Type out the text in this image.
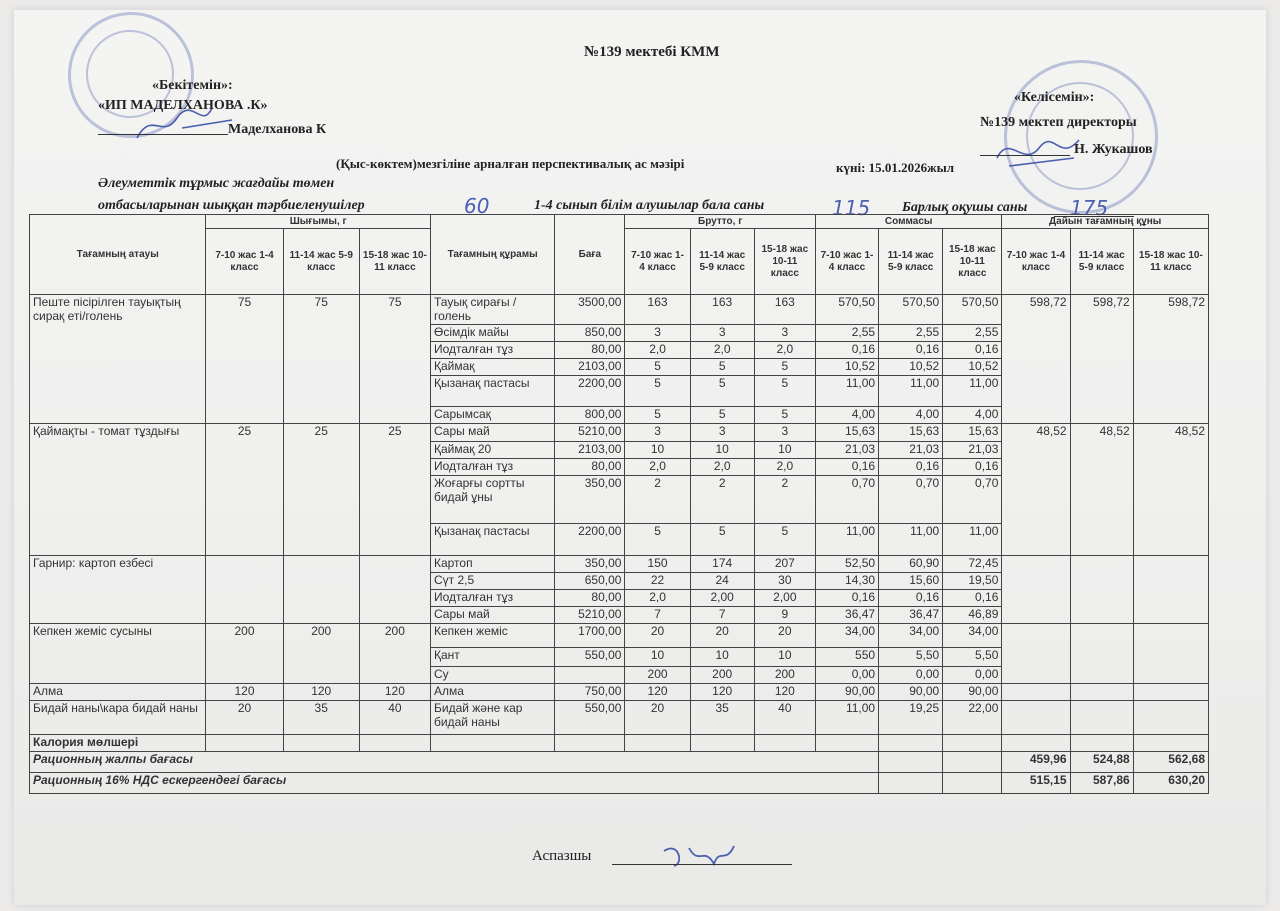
№139 мектебі КММ
«Бекітемін»:
«ИП МАДЕЛХАНОВА .К»
Маделханова К
«Келісемін»:
№139 мектеп директоры
Н. Жукашов
(Қыс-көктем)мезгіліне арналған перспективалық ас мәзірі	күні: 15.01.2026жыл
Әлеуметтік тұрмыс жағдайы төмен
отбасыларынан шыққан тәрбиеленушілер	60	1-4 сынып білім алушылар бала саны	115 Барлық оқушы саны 175
Тағамның атауы	Шығымы, г			Тағамның құрамы	Баға	Брутто, г			Соммасы			Дайын тағамның құны		
	7-10 жас 1-4 класс	11-14 жас 5-9 класс	15-18 жас 10-11 класс			7-10 жас 1-4 класс	11-14 жас 5-9 класс	15-18 жас 10-11 класс	7-10 жас 1-4 класс	11-14 жас 5-9 класс	15-18 жас 10-11 класс	7-10 жас 1-4 класс	11-14 жас 5-9 класс	15-18 жас 10-11 класс
Пеште пісірілген тауықтың сирақ еті/голень	75	75	75	Тауық сирағы / голень	3500,00	163	163	163	570,50	570,50	570,50	598,72	598,72	598,72
				Өсімдік майы	850,00	3	3	3	2,55	2,55	2,55			
				Иодталған тұз	80,00	2,0	2,0	2,0	0,16	0,16	0,16			
				Қаймақ	2103,00	5	5	5	10,52	10,52	10,52			
				Қызанақ пастасы	2200,00	5	5	5	11,00	11,00	11,00			
				Сарымсақ	800,00	5	5	5	4,00	4,00	4,00			
Қаймақты - томат тұздығы	25	25	25	Сары май	5210,00	3	3	3	15,63	15,63	15,63	48,52	48,52	48,52
				Қаймақ 20	2103,00	10	10	10	21,03	21,03	21,03			
				Иодталған тұз	80,00	2,0	2,0	2,0	0,16	0,16	0,16			
				Жоғарғы сортты бидай ұны	350,00	2	2	2	0,70	0,70	0,70			
				Қызанақ пастасы	2200,00	5	5	5	11,00	11,00	11,00			
Гарнир: картоп езбесі				Картоп	350,00	150	174	207	52,50	60,90	72,45			
				Сүт 2,5	650,00	22	24	30	14,30	15,60	19,50			
				Иодталған тұз	80,00	2,0	2,00	2,00	0,16	0,16	0,16			
				Сары май	5210,00	7	7	9	36,47	36,47	46,89			
Кепкен жеміс сусыны	200	200	200	Кепкен жеміс	1700,00	20	20	20	34,00	34,00	34,00			
				Қант	550,00	10	10	10	550	5,50	5,50			
				Су		200	200	200	0,00	0,00	0,00			
Алма	120	120	120	Алма	750,00	120	120	120	90,00	90,00	90,00			
Бидай наны\кара бидай наны	20	35	40	Бидай және кар бидай наны	550,00	20	35	40	11,00	19,25	22,00			
Калория мөлшері														
Рационның жалпы бағасы												459,96	524,88	562,68
Рационның 16% НДС ескергендегі бағасы												515,15	587,86	630,20
Аспазшы
